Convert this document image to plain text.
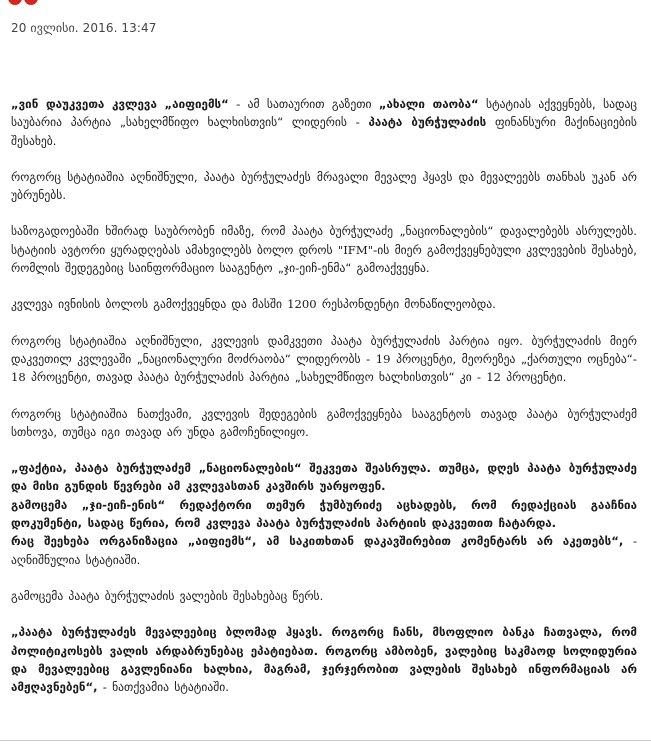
20 ივლისი. 2016. 13:47

„ვინ დაუკვეთა კვლევა „აიფიემს“ - ამ სათაურით გაზეთი „ახალი თაობა“ სტატიას აქვეყნებს, სადაც საუბარია პარტია „სახელმწიფო ხალხისთვის“ ლიდერის - პაატა ბურჭულაძის ფინანსური მაქინაციების შესახებ.

როგორც სტატიაშია აღნიშნული, პაატა ბურჭულაძეს მრავალი მევალე ჰყავს და მევალეებს თანხას უკან არ უბრუნებს.

საზოგადოებაში ხშირად საუბრობენ იმაზე, რომ პაატა ბურჭულაძე „ნაციონალების“ დავალებებს ასრულებს. სტატიის ავტორი ყურადღებას ამახვილებს ბოლო დროს "IFM"-ის მიერ გამოქვეყნებული კვლევების შესახებ, რომლის შედეგებიც საინფორმაციო სააგენტო „ჯი-ეიჩ-ენმა“ გამოაქვეყნა.

კვლევა ივნისის ბოლოს გამოქვეყნდა და მასში 1200 რესპონდენტი მონაწილეობდა.

როგორც სტატიაშია აღნიშნული, კვლევის დამკვეთი პაატა ბურჭულაძის პარტია იყო. ბურჭულაძის მიერ დაკვეთილ კვლევაში „ნაციონალური მოძრაობა“ ლიდერობს - 19 პროცენტი, მეორეზეა „ქართული ოცნება“- 18 პროცენტი, თავად პაატა ბურჭულაძის პარტია „სახელმწიფო ხალხისთვის“ კი - 12 პროცენტი.

როგორც სტატიაშია ნათქვამი, კვლევის შედეგების გამოქვეყნება სააგენტოს თავად პაატა ბურჭულაძემ სთხოვა, თუმცა იგი თავად არ უნდა გამოჩენილიყო.

„ფაქტია, პაატა ბურჭულაძემ „ნაციონალების“ შეკვეთა შეასრულა. თუმცა, დღეს პაატა ბურჭულაძე და მისი გუნდის წევრები ამ კვლევასთან კავშირს უარყოფენ.

გამოცემა „ჯი-ეიჩ-ენის“ რედაქტორი თემურ ჭუმბურიძე აცხადებს, რომ რედაქციას გააჩნია დოკუმენტი, სადაც წერია, რომ კვლევა პაატა ბურჭულაძის პარტიის დაკვეთით ჩატარდა.

რაც შეეხება ორგანიზაცია „აიფიემს“, ამ საკითხთან დაკავშირებით კომენტარს არ აკეთებს“, - აღნიშნულია სტატიაში.

გამოცემა პაატა ბურჭულაძის ვალების შესახებაც წერს.

„პაატა ბურჭულაძეს მევალეებიც ბლომად ჰყავს. როგორც ჩანს, მსოფლიო ბანკა ჩათვალა, რომ პოლიტიკოსებს ვალის არდაბრუნებაც ეპატიებათ. როგორც ამბობენ, ვალებიც საკმაოდ სოლიდურია და მევალეებიც გავლენიანი ხალხია, მაგრამ, ჯერჯერობით ვალების შესახებ ინფორმაციას არ ამჟღავნებენ“, - ნათქვამია სტატიაში.
